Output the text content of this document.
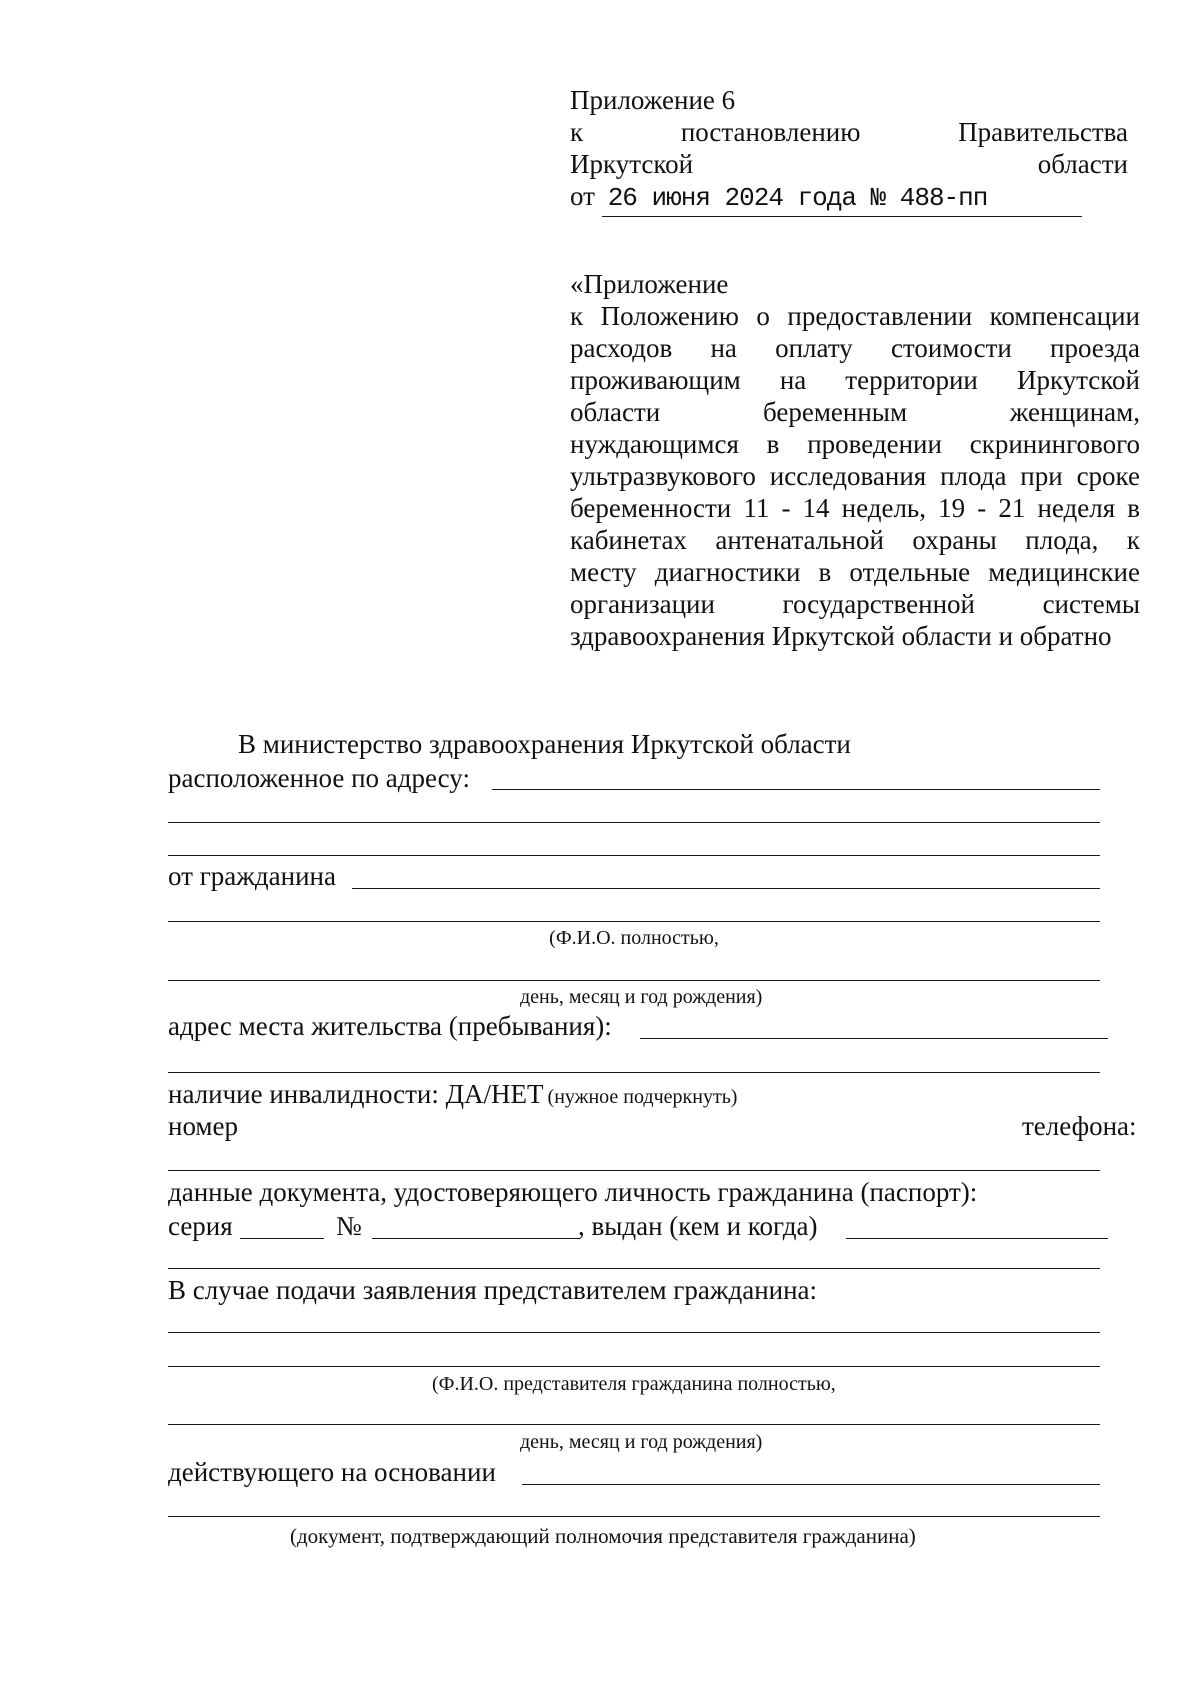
Приложение 6
к	постановлению	Правительства
Иркутской	области
от 26 июня 2024 года № 488-пп
«Приложение
к Положению о предоставлении компенсации
расходов на оплату стоимости проезда
проживающим на территории Иркутской
области беременным женщинам,
нуждающимся в проведении скринингового
ультразвукового исследования плода при сроке
беременности 11 - 14 недель, 19 - 21 неделя в
кабинетах антенатальной охраны плода, к
месту диагностики в отдельные медицинские
организации государственной системы
здравоохранения Иркутской области и обратно
В министерство здравоохранения Иркутской области
расположенное по адресу:
от гражданина
(Ф.И.О. полностью,
день, месяц и год рождения)
адрес места жительства (пребывания):
наличие инвалидности: ДА/НЕТ (нужное подчеркнуть)
номер	телефона:
данные документа, удостоверяющего личность гражданина (паспорт):
серия	№	, выдан (кем и когда)
В случае подачи заявления представителем гражданина:
(Ф.И.О. представителя гражданина полностью,
день, месяц и год рождения)
действующего на основании
(документ, подтверждающий полномочия представителя гражданина)
